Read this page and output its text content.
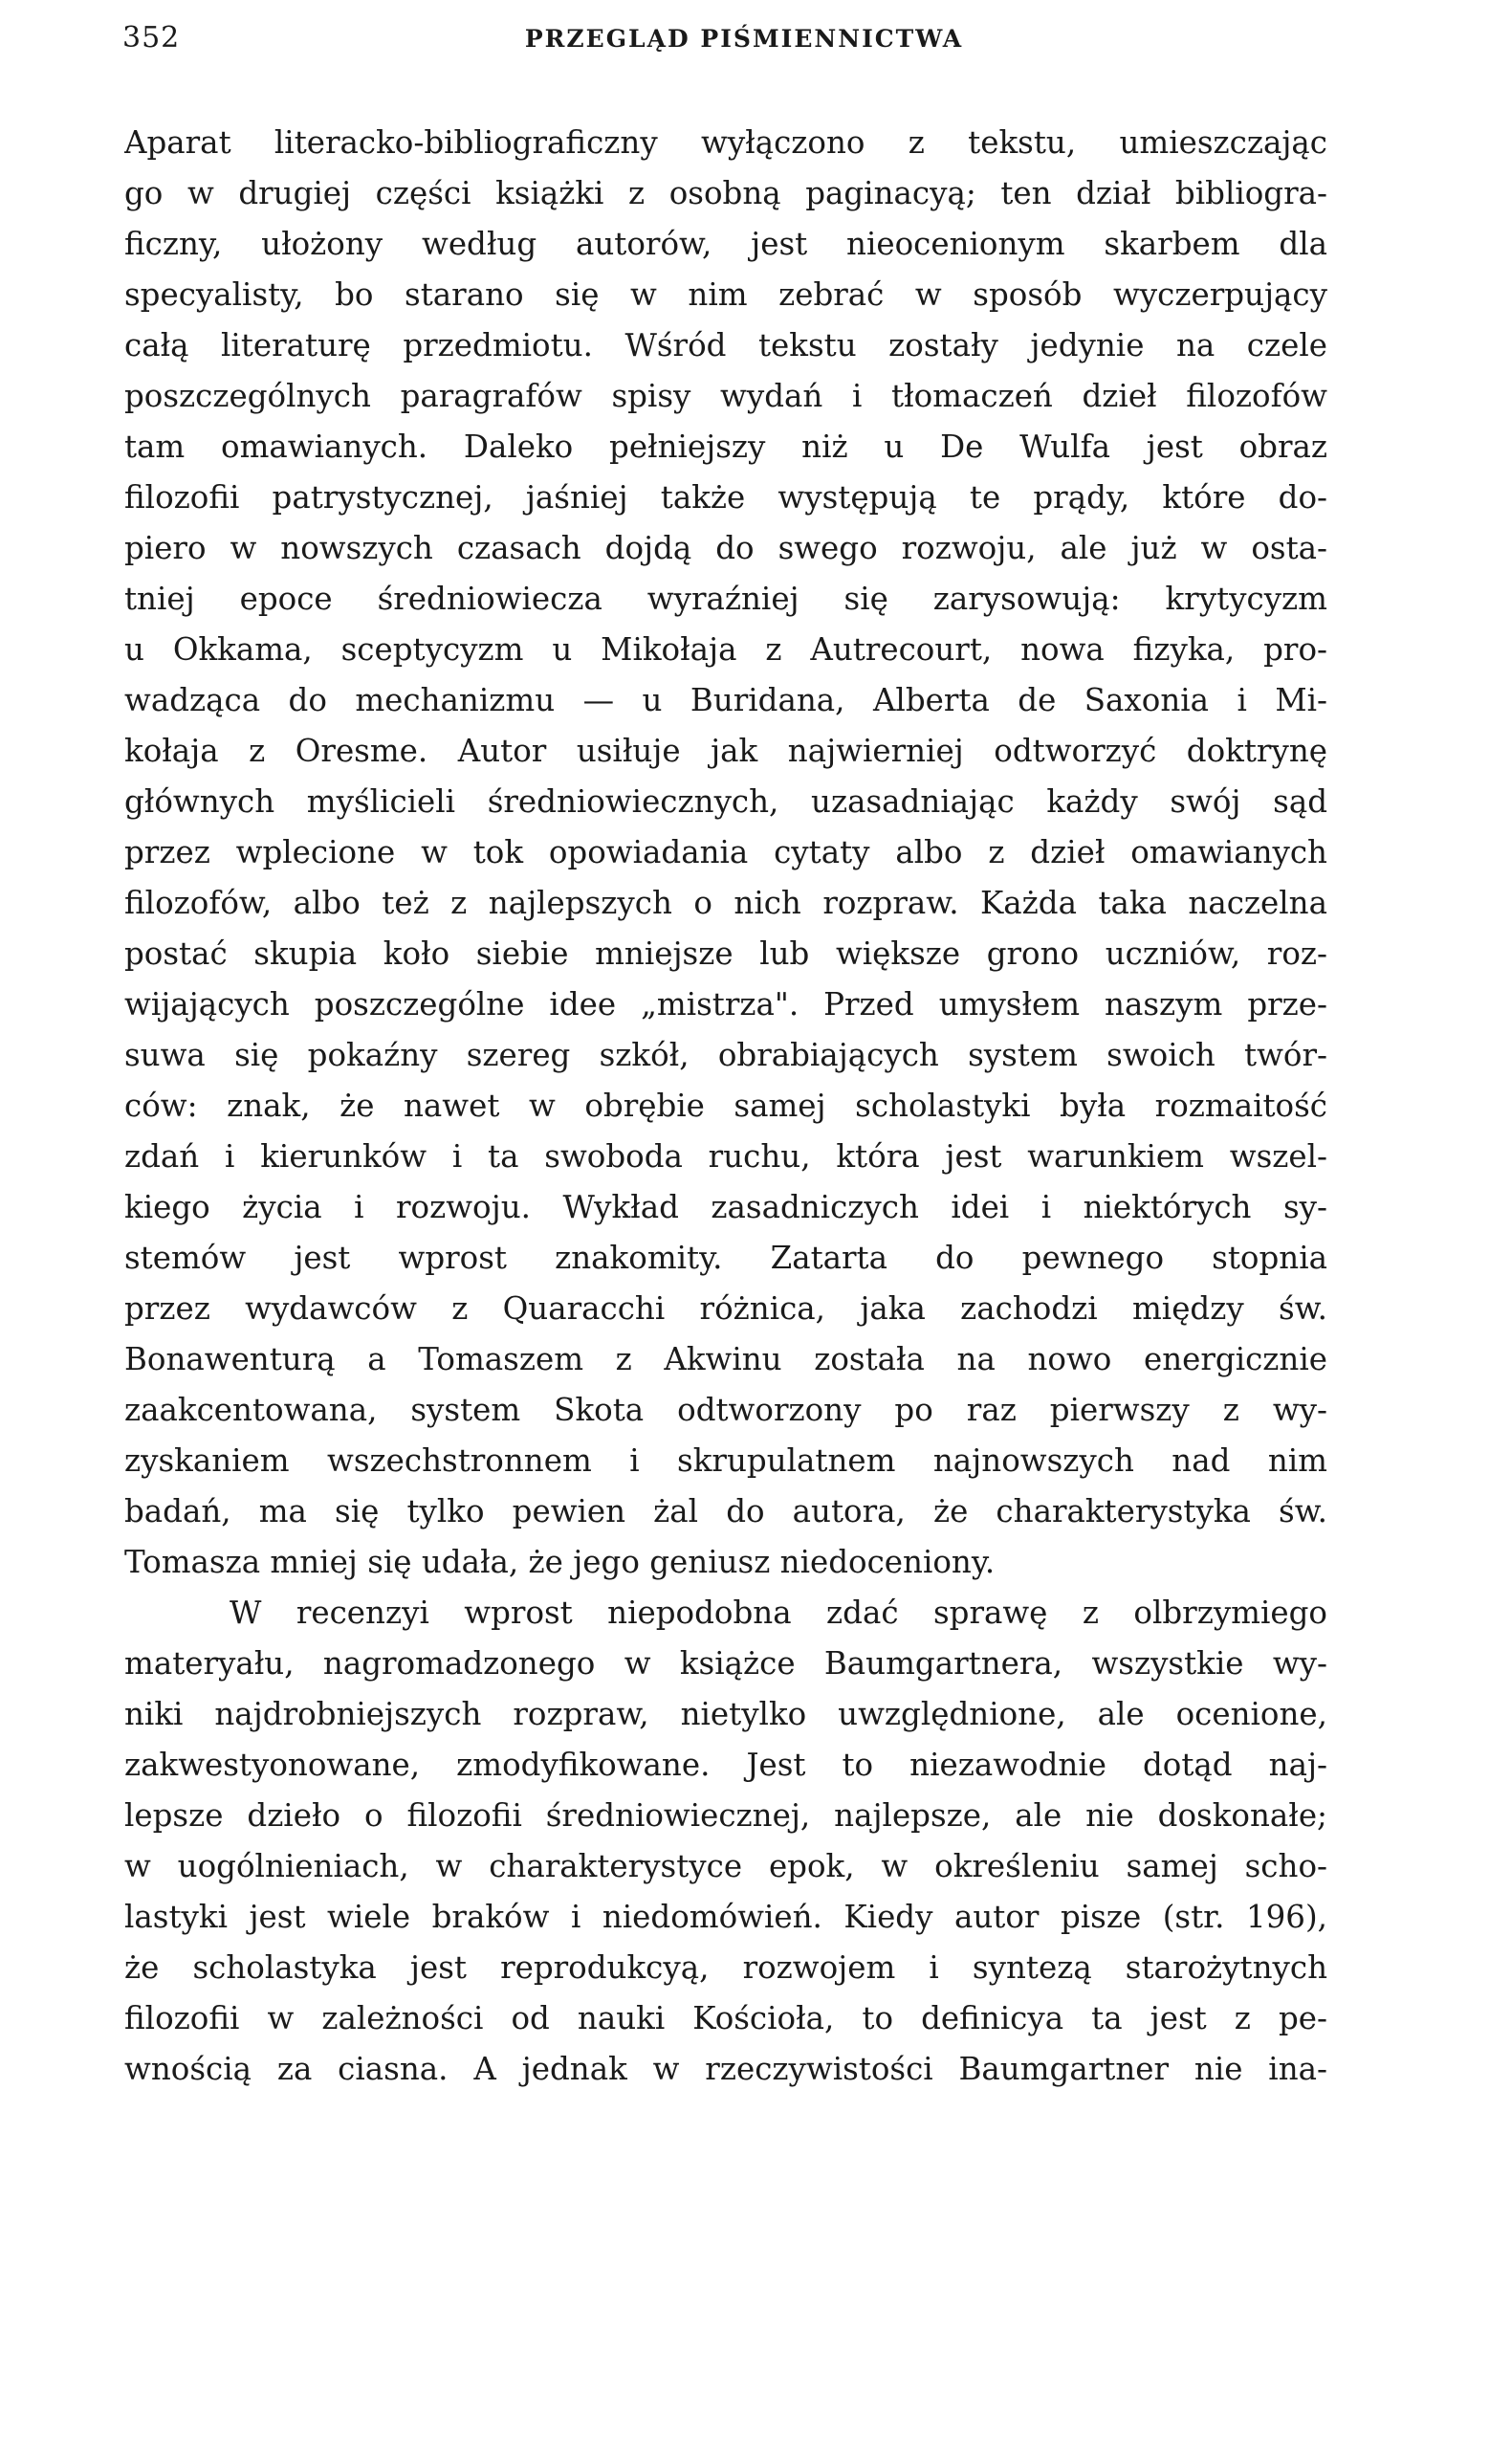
352	PRZEGLĄD PIŚMIENNICTWA
Aparat literacko-bibliograficzny wyłączono z tekstu, umieszczając
go w drugiej części książki z osobną paginacyą; ten dział bibliogra-
ficzny, ułożony według autorów, jest nieocenionym skarbem dla
specyalisty, bo starano się w nim zebrać w sposób wyczerpujący
całą literaturę przedmiotu. Wśród tekstu zostały jedynie na czele
poszczególnych paragrafów spisy wydań i tłomaczeń dzieł filozofów
tam omawianych. Daleko pełniejszy niż u De Wulfa jest obraz
filozofii patrystycznej, jaśniej także występują te prądy, które do-
piero w nowszych czasach dojdą do swego rozwoju, ale już w osta-
tniej epoce średniowiecza wyraźniej się zarysowują: krytycyzm
u Okkama, sceptycyzm u Mikołaja z Autrecourt, nowa fizyka, pro-
wadząca do mechanizmu — u Buridana, Alberta de Saxonia i Mi-
kołaja z Oresme. Autor usiłuje jak najwierniej odtworzyć doktrynę
głównych myślicieli średniowiecznych, uzasadniając każdy swój sąd
przez wplecione w tok opowiadania cytaty albo z dzieł omawianych
filozofów, albo też z najlepszych o nich rozpraw. Każda taka naczelna
postać skupia koło siebie mniejsze lub większe grono uczniów, roz-
wijających poszczególne idee „mistrza". Przed umysłem naszym prze-
suwa się pokaźny szereg szkół, obrabiających system swoich twór-
ców: znak, że nawet w obrębie samej scholastyki była rozmaitość
zdań i kierunków i ta swoboda ruchu, która jest warunkiem wszel-
kiego życia i rozwoju. Wykład zasadniczych idei i niektórych sy-
stemów jest wprost znakomity. Zatarta do pewnego stopnia
przez wydawców z Quaracchi różnica, jaka zachodzi między św.
Bonawenturą a Tomaszem z Akwinu została na nowo energicznie
zaakcentowana, system Skota odtworzony po raz pierwszy z wy-
zyskaniem wszechstronnem i skrupulatnem najnowszych nad nim
badań, ma się tylko pewien żal do autora, że charakterystyka św.
Tomasza mniej się udała, że jego geniusz niedoceniony.
W recenzyi wprost niepodobna zdać sprawę z olbrzymiego
materyału, nagromadzonego w książce Baumgartnera, wszystkie wy-
niki najdrobniejszych rozpraw, nietylko uwzględnione, ale ocenione,
zakwestyonowane, zmodyfikowane. Jest to niezawodnie dotąd naj-
lepsze dzieło o filozofii średniowiecznej, najlepsze, ale nie doskonałe;
w uogólnieniach, w charakterystyce epok, w określeniu samej scho-
lastyki jest wiele braków i niedomówień. Kiedy autor pisze (str. 196),
że scholastyka jest reprodukcyą, rozwojem i syntezą starożytnych
filozofii w zależności od nauki Kościoła, to definicya ta jest z pe-
wnością za ciasna. A jednak w rzeczywistości Baumgartner nie ina-
